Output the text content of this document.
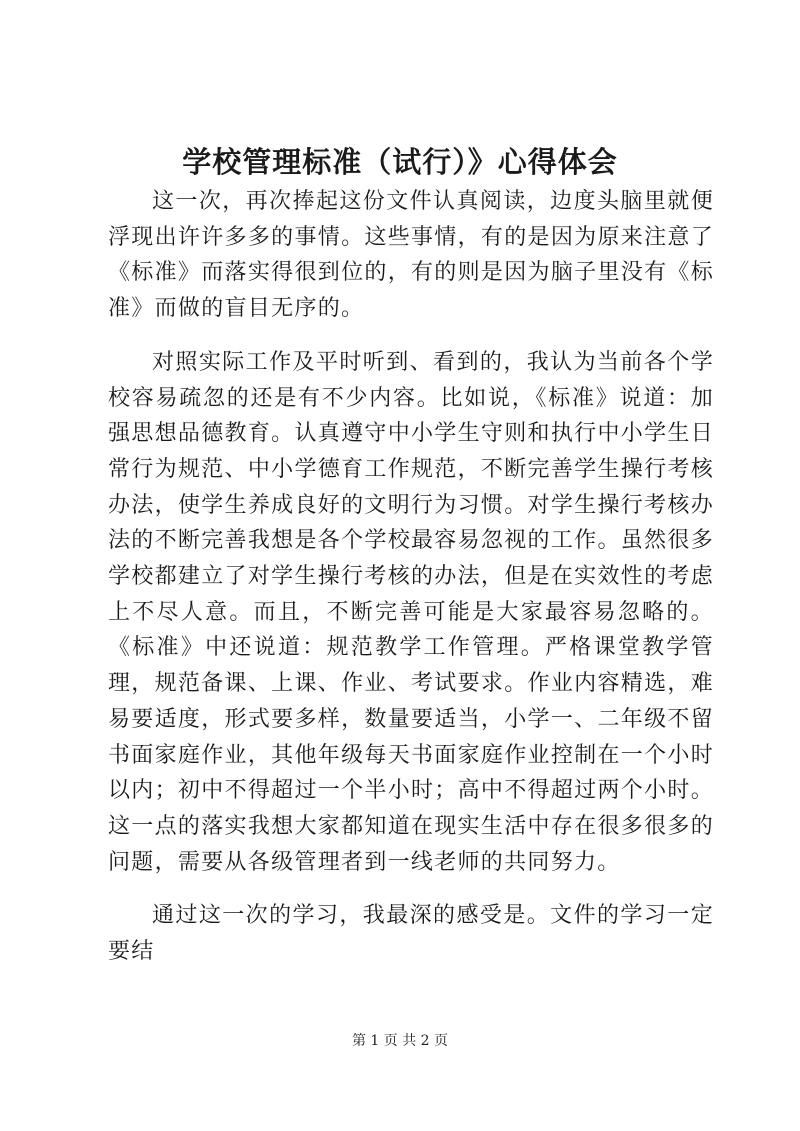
学校管理标准（试行）》心得体会

这一次，再次捧起这份文件认真阅读，边度头脑里就便浮现出许许多多的事情。这些事情，有的是因为原来注意了《标准》而落实得很到位的，有的则是因为脑子里没有《标准》而做的盲目无序的。

对照实际工作及平时听到、看到的，我认为当前各个学校容易疏忽的还是有不少内容。比如说，《标准》说道：加强思想品德教育。认真遵守中小学生守则和执行中小学生日常行为规范、中小学德育工作规范，不断完善学生操行考核办法，使学生养成良好的文明行为习惯。对学生操行考核办法的不断完善我想是各个学校最容易忽视的工作。虽然很多学校都建立了对学生操行考核的办法，但是在实效性的考虑上不尽人意。而且，不断完善可能是大家最容易忽略的。《标准》中还说道：规范教学工作管理。严格课堂教学管理，规范备课、上课、作业、考试要求。作业内容精选，难易要适度，形式要多样，数量要适当，小学一、二年级不留书面家庭作业，其他年级每天书面家庭作业控制在一个小时以内；初中不得超过一个半小时；高中不得超过两个小时。这一点的落实我想大家都知道在现实生活中存在很多很多的问题，需要从各级管理者到一线老师的共同努力。

通过这一次的学习，我最深的感受是。文件的学习一定要结

第 1 页 共 2 页
